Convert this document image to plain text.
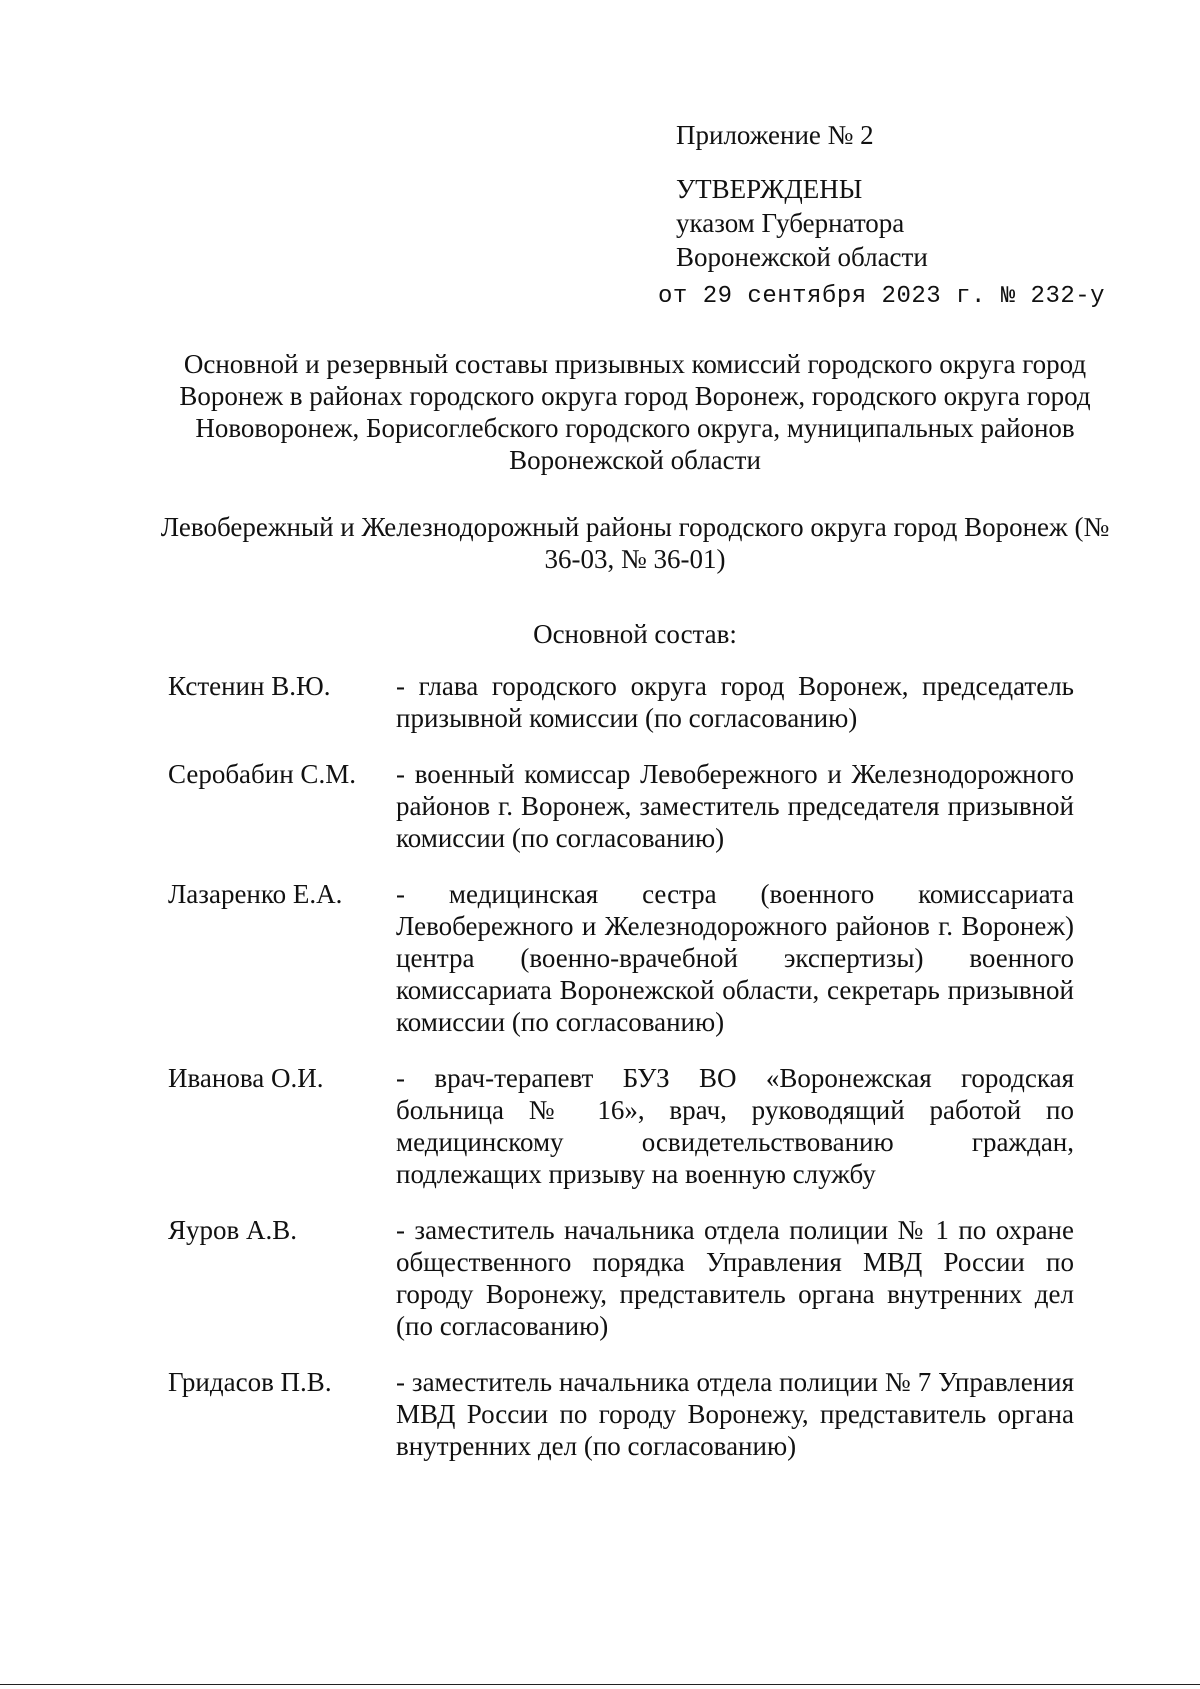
Приложение № 2
УТВЕРЖДЕНЫ
указом Губернатора
Воронежской области
от 29 сентября 2023 г. № 232-у
Основной и резервный составы призывных комиссий городского округа город Воронеж в районах городского округа город Воронеж, городского округа город Нововоронеж, Борисоглебского городского округа, муниципальных районов Воронежской области
Левобережный и Железнодорожный районы городского округа город Воронеж (№ 36-03, № 36-01)
Основной состав:
Кстенин В.Ю.	- глава городского округа город Воронеж, председатель призывной комиссии (по согласованию)
Серобабин С.М.	- военный комиссар Левобережного и Железнодорожного районов г. Воронеж, заместитель председателя призывной комиссии (по согласованию)
Лазаренко Е.А.	- медицинская сестра (военного комиссариата Левобережного и Железнодорожного районов г. Воронеж) центра (военно-врачебной экспертизы) военного комиссариата Воронежской области, секретарь призывной комиссии (по согласованию)
Иванова О.И.	- врач-терапевт БУЗ ВО «Воронежская городская больница № 16», врач, руководящий работой по медицинскому освидетельствованию граждан, подлежащих призыву на военную службу
Яуров А.В.	- заместитель начальника отдела полиции № 1 по охране общественного порядка Управления МВД России по городу Воронежу, представитель органа внутренних дел (по согласованию)
Гридасов П.В.	- заместитель начальника отдела полиции № 7 Управления МВД России по городу Воронежу, представитель органа внутренних дел (по согласованию)
